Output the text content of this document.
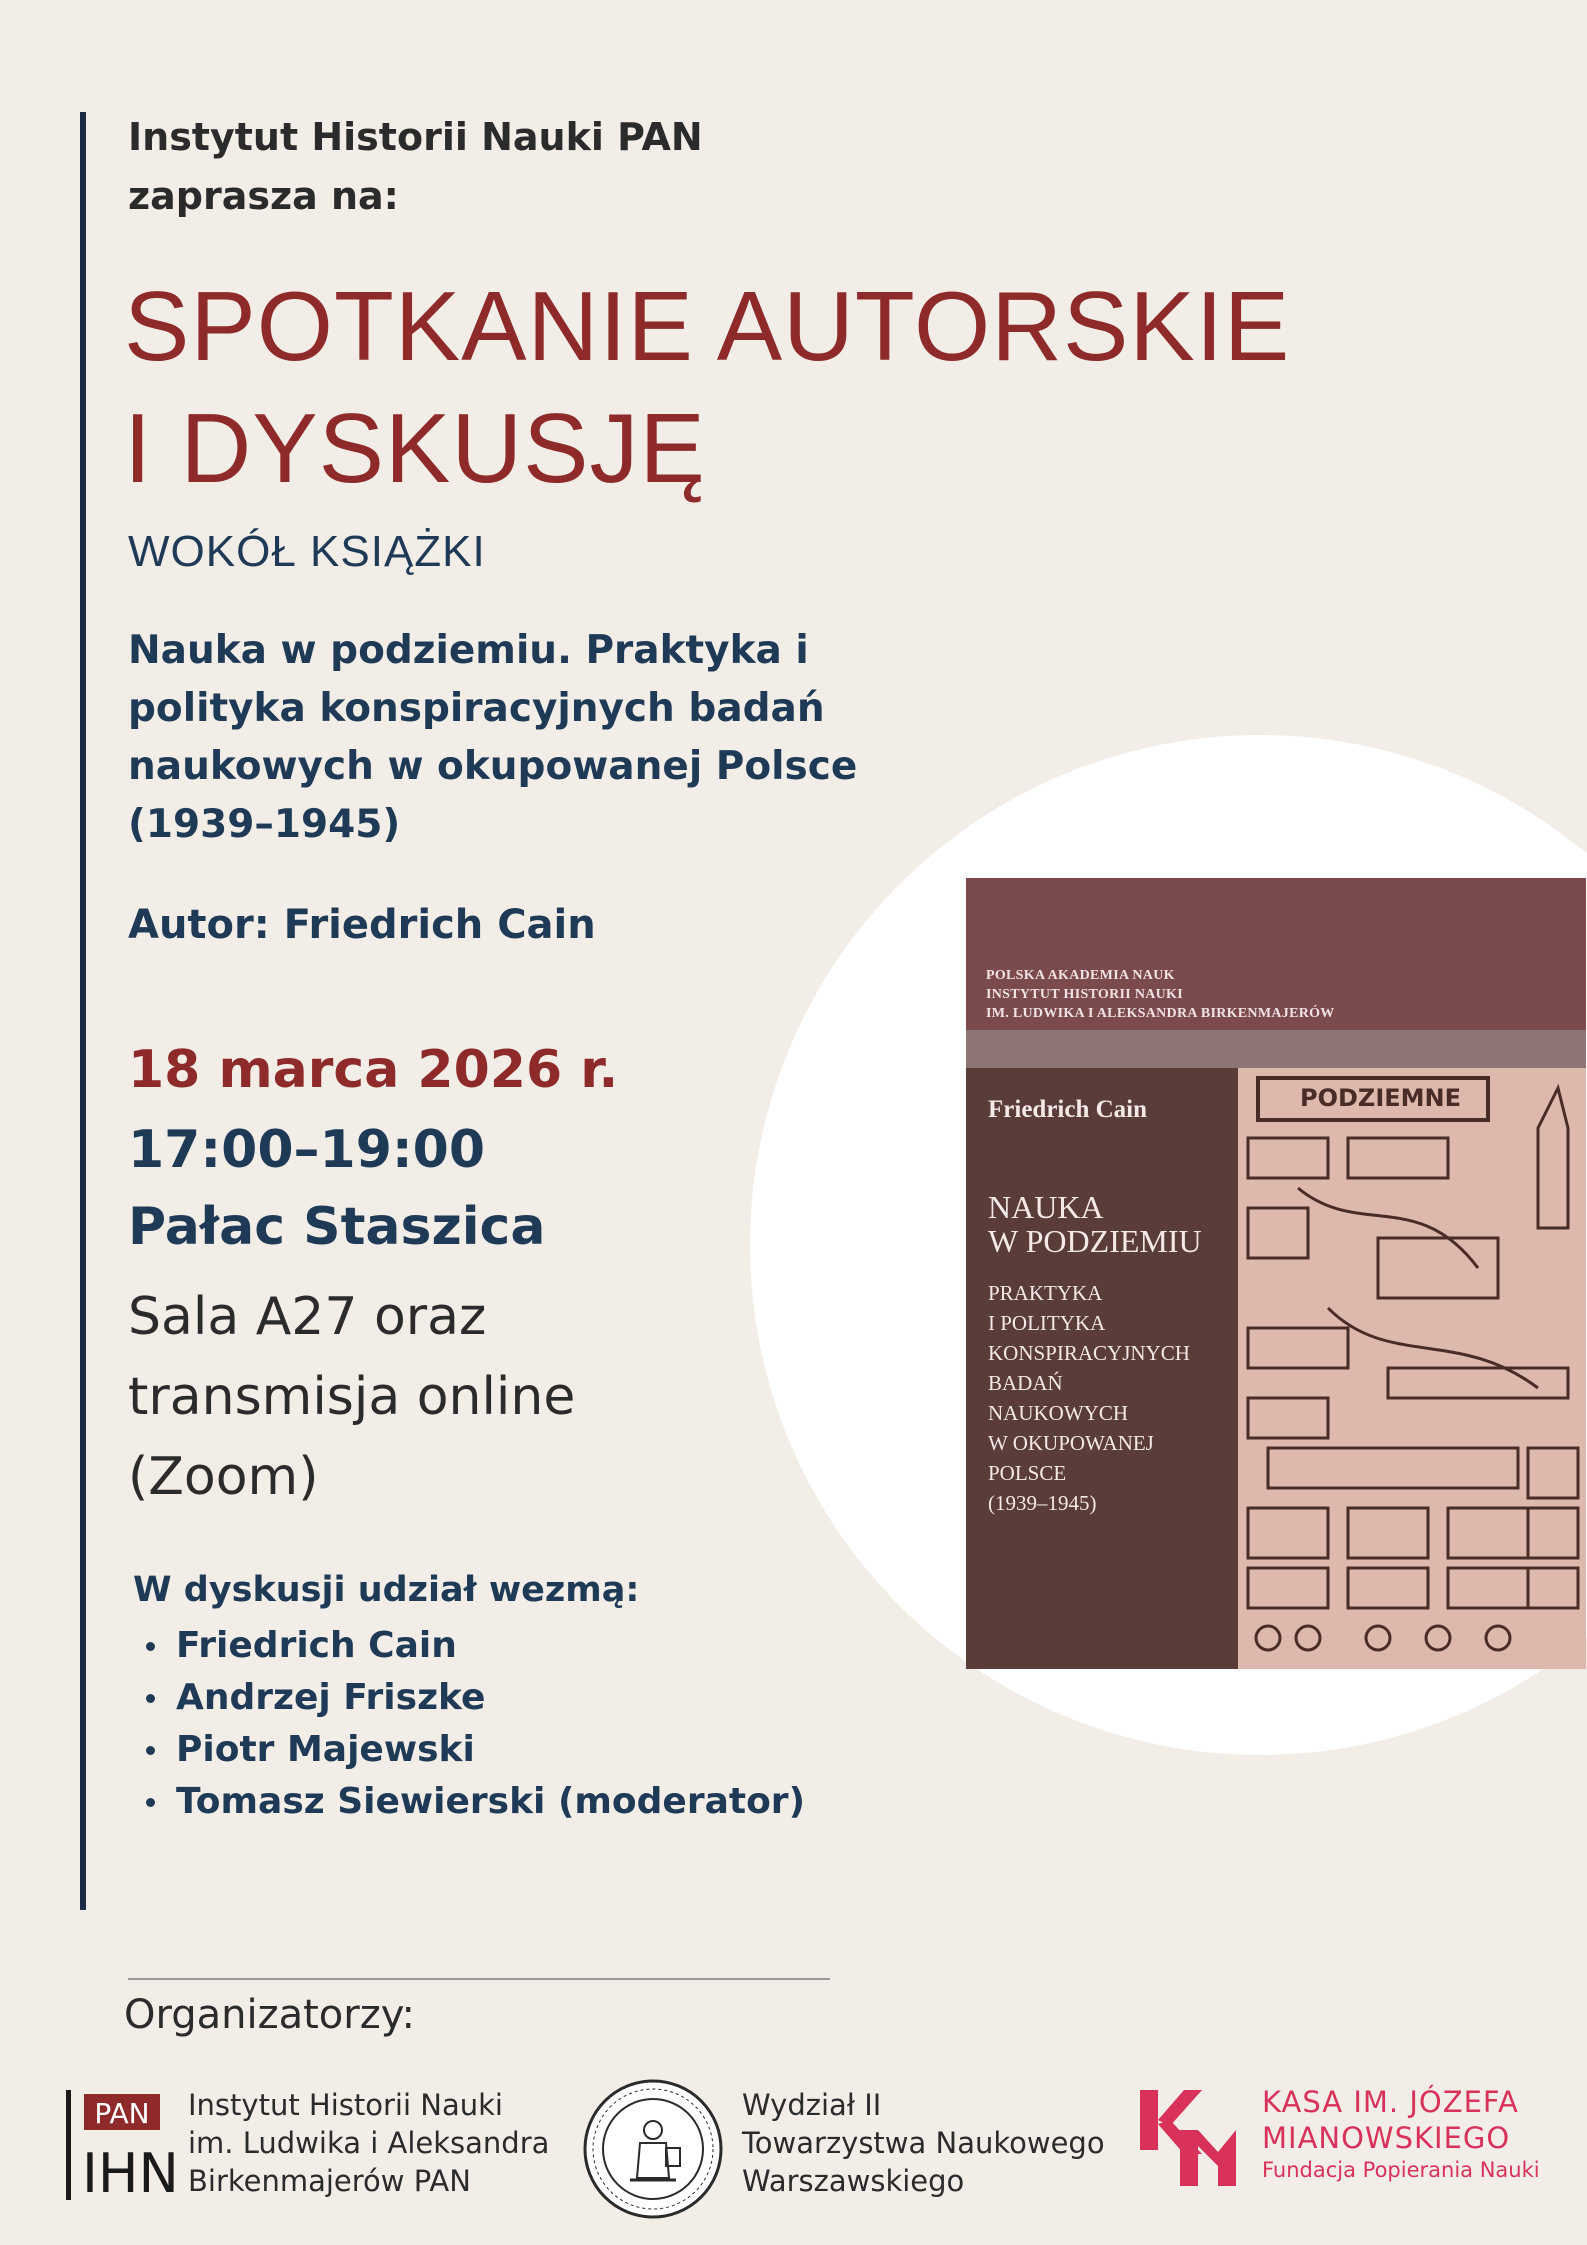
Instytut Historii Nauki PAN
zaprasza na:
SPOTKANIE AUTORSKIE
I DYSKUSJĘ
WOKÓŁ KSIĄŻKI
Nauka w podziemiu. Praktyka i
polityka konspiracyjnych badań
naukowych w okupowanej Polsce
(1939–1945)
Autor: Friedrich Cain
18 marca 2026 r.
17:00–19:00
Pałac Staszica
Sala A27 oraz
transmisja online
(Zoom)
W dyskusji udział wezmą:
Friedrich Cain
Andrzej Friszke
Piotr Majewski
Tomasz Siewierski (moderator)
POLSKA AKADEMIA NAUK
INSTYTUT HISTORII NAUKI
IM. LUDWIKA I ALEKSANDRA BIRKENMAJERÓW
Friedrich Cain
NAUKA
W PODZIEMIU
PRAKTYKA
I POLITYKA
KONSPIRACYJNYCH
BADAŃ
NAUKOWYCH
W OKUPOWANEJ
POLSCE
(1939–1945)
PODZIEMNE
Organizatorzy:
PAN
IHN
Instytut Historii Nauki
im. Ludwika i Aleksandra
Birkenmajerów PAN
Wydział II
Towarzystwa Naukowego
Warszawskiego
KASA IM. JÓZEFA
MIANOWSKIEGO
Fundacja Popierania Nauki
